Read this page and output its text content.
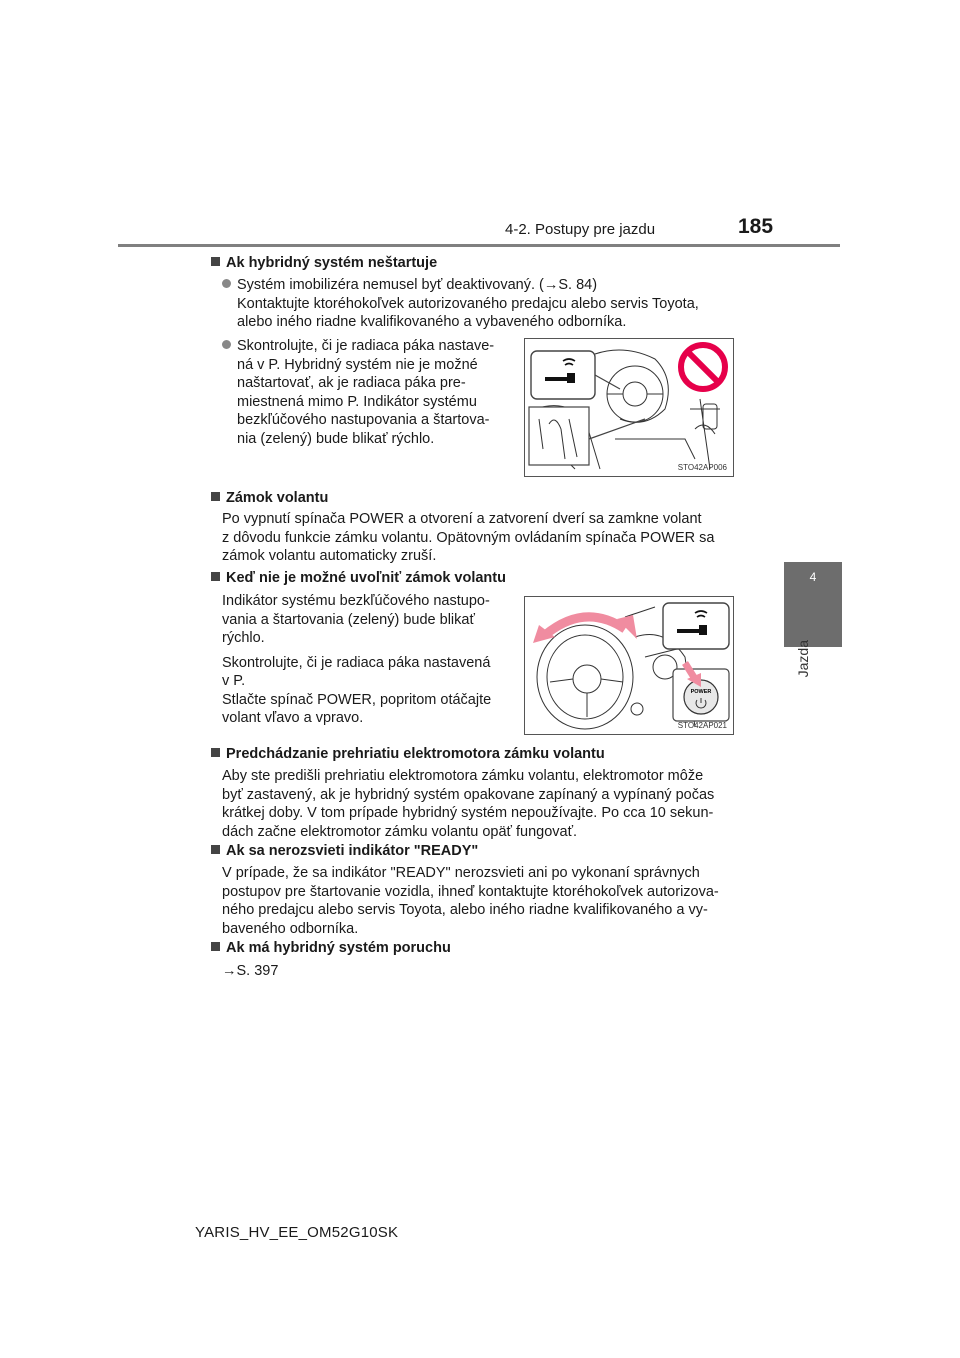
4-2. Postupy pre jazdu	185
4
Jazda
Ak hybridný systém neštartuje
Systém imobilizéra nemusel byť deaktivovaný. (→S. 84)
Kontaktujte ktoréhokoľvek autorizovaného predajcu alebo servis Toyota,
alebo iného riadne kvalifikovaného a vybaveného odborníka.
Skontrolujte, či je radiaca páka nastave-
ná v P. Hybridný systém nie je možné
naštartovať, ak je radiaca páka pre-
miestnená mimo P. Indikátor systému
bezkľúčového nastupovania a štartova-
nia (zelený) bude blikať rýchlo.
STO42AP006
Zámok volantu
Po vypnutí spínača POWER a otvorení a zatvorení dverí sa zamkne volant
z dôvodu funkcie zámku volantu. Opätovným ovládaním spínača POWER sa
zámok volantu automaticky zruší.
Keď nie je možné uvoľniť zámok volantu
Indikátor systému bezkľúčového nastupo-
vania a štartovania (zelený) bude blikať
rýchlo.
Skontrolujte, či je radiaca páka nastavená
v P.
Stlačte spínač POWER, popritom otáčajte
volant vľavo a vpravo.
POWER
STO42AP021
Predchádzanie prehriatiu elektromotora zámku volantu
Aby ste predišli prehriatiu elektromotora zámku volantu, elektromotor môže
byť zastavený, ak je hybridný systém opakovane zapínaný a vypínaný počas
krátkej doby. V tom prípade hybridný systém nepoužívajte. Po cca 10 sekun-
dách začne elektromotor zámku volantu opäť fungovať.
Ak sa nerozsvieti indikátor "READY"
V prípade, že sa indikátor "READY" nerozsvieti ani po vykonaní správnych
postupov pre štartovanie vozidla, ihneď kontaktujte ktoréhokoľvek autorizova-
ného predajcu alebo servis Toyota, alebo iného riadne kvalifikovaného a vy-
baveného odborníka.
Ak má hybridný systém poruchu
→S. 397
YARIS_HV_EE_OM52G10SK
